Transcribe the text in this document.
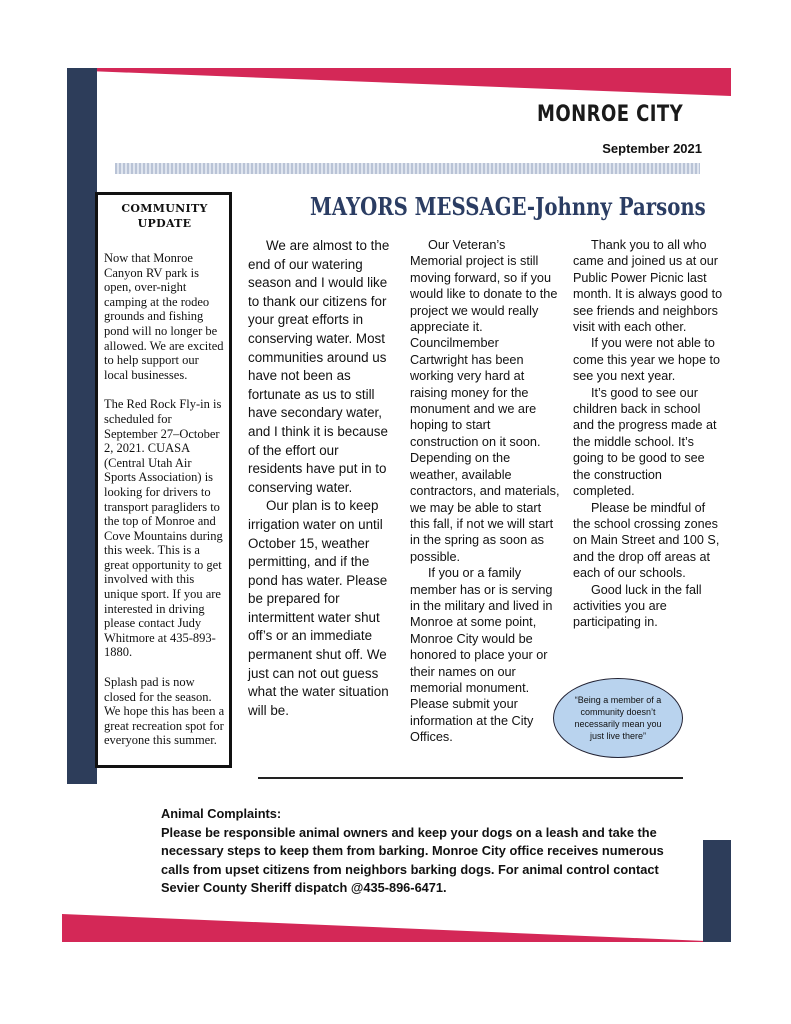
MONROE CITY
September 2021
COMMUNITY
UPDATE

Now that Monroe Canyon RV park is open, over-night camping at the rodeo grounds and fishing pond will no longer be allowed. We are excited to help support our local businesses.

The Red Rock Fly-in is scheduled for September 27–October 2, 2021. CUASA (Central Utah Air Sports Association) is looking for drivers to transport paragliders to the top of Monroe and Cove Mountains during this week. This is a great opportunity to get involved with this unique sport. If you are interested in driving please contact Judy Whitmore at 435-893-1880.

Splash pad is now closed for the season. We hope this has been a great recreation spot for everyone this summer.

MAYORS MESSAGE-Johnny Parsons

We are almost to the end of our watering season and I would like to thank our citizens for your great efforts in conserving water. Most communities around us have not been as fortunate as us to still have secondary water, and I think it is because of the effort our residents have put in to conserving water.

Our plan is to keep irrigation water on until October 15, weather permitting, and if the pond has water. Please be prepared for intermittent water shut off’s or an immediate permanent shut off. We just can not out guess what the water situation will be.

Our Veteran’s Memorial project is still moving forward, so if you would like to donate to the project we would really appreciate it. Councilmember Cartwright has been working very hard at raising money for the monument and we are hoping to start construction on it soon. Depending on the weather, available contractors, and materials, we may be able to start this fall, if not we will start in the spring as soon as possible.

If you or a family member has or is serving in the military and lived in Monroe at some point, Monroe City would be honored to place your or their names on our memorial monument. Please submit your information at the City Offices.

Thank you to all who came and joined us at our Public Power Picnic last month. It is always good to see friends and neighbors visit with each other.

If you were not able to come this year we hope to see you next year.

It’s good to see our children back in school and the progress made at the middle school. It’s going to be good to see the construction completed.

Please be mindful of the school crossing zones on Main Street and 100 S, and the drop off areas at each of our schools.

Good luck in the fall activities you are participating in.

“Being a member of a community doesn’t necessarily mean you just live there”

Animal Complaints:

Please be responsible animal owners and keep your dogs on a leash and take the necessary steps to keep them from barking. Monroe City office receives numerous calls from upset citizens from neighbors barking dogs. For animal control contact Sevier County Sheriff dispatch @435-896-6471.
